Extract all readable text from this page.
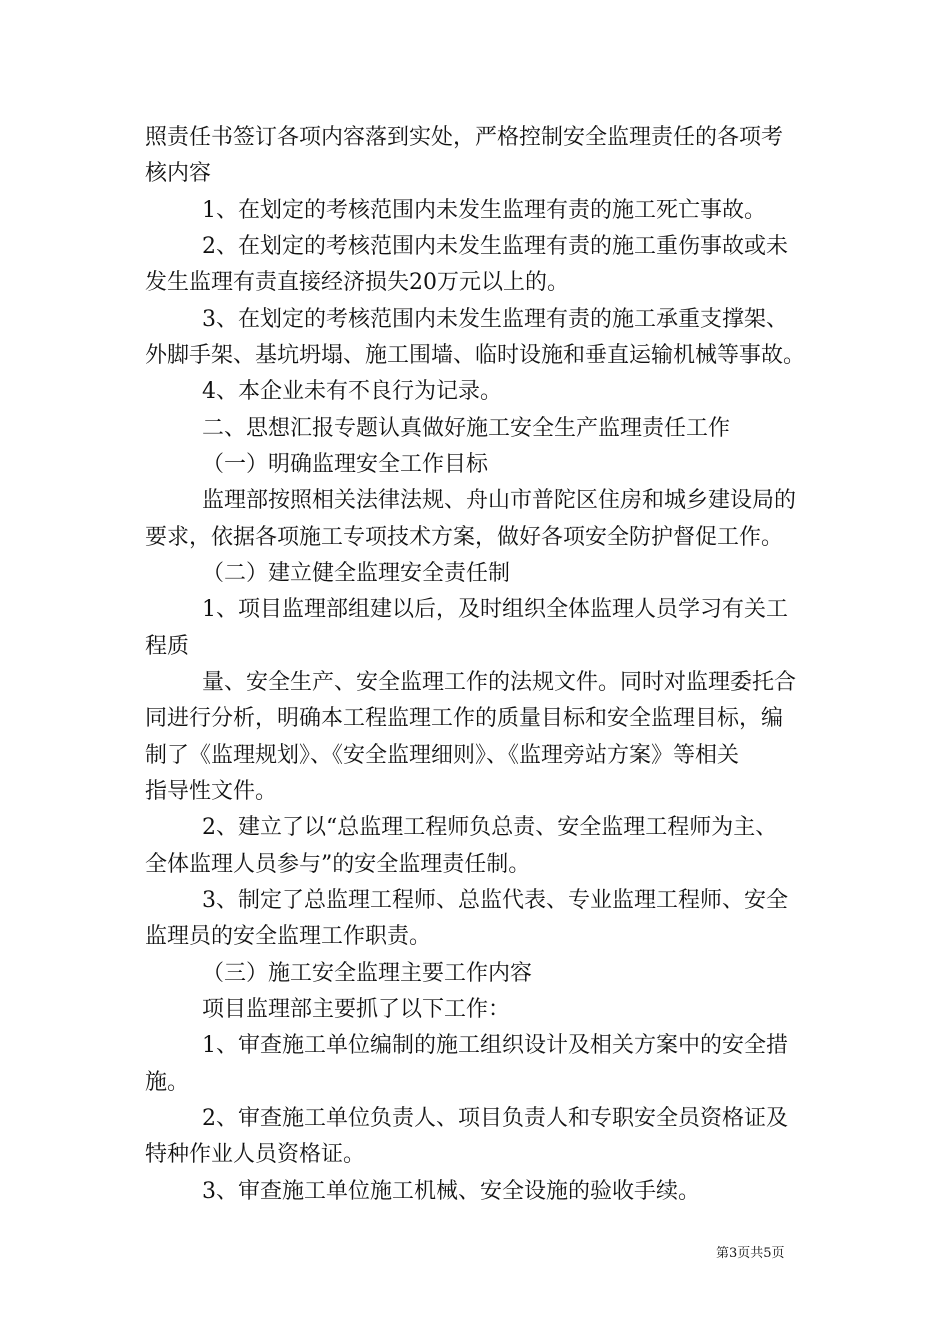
照责任书签订各项内容落到实处，严格控制安全监理责任的各项考
核内容
1、在划定的考核范围内未发生监理有责的施工死亡事故。
2、在划定的考核范围内未发生监理有责的施工重伤事故或未
发生监理有责直接经济损失20万元以上的。
3、在划定的考核范围内未发生监理有责的施工承重支撑架、
外脚手架、基坑坍塌、施工围墙、临时设施和垂直运输机械等事故。
4、本企业未有不良行为记录。
二、思想汇报专题认真做好施工安全生产监理责任工作
（一）明确监理安全工作目标
监理部按照相关法律法规、舟山市普陀区住房和城乡建设局的
要求，依据各项施工专项技术方案，做好各项安全防护督促工作。
（二）建立健全监理安全责任制
1、项目监理部组建以后，及时组织全体监理人员学习有关工
程质
量、安全生产、安全监理工作的法规文件。同时对监理委托合
同进行分析，明确本工程监理工作的质量目标和安全监理目标，编
制了《监理规划》、《安全监理细则》、《监理旁站方案》等相关
指导性文件。
2、建立了以“总监理工程师负总责、安全监理工程师为主、
全体监理人员参与”的安全监理责任制。
3、制定了总监理工程师、总监代表、专业监理工程师、安全
监理员的安全监理工作职责。
（三）施工安全监理主要工作内容
项目监理部主要抓了以下工作：
1、审查施工单位编制的施工组织设计及相关方案中的安全措
施。
2、审查施工单位负责人、项目负责人和专职安全员资格证及
特种作业人员资格证。
3、审查施工单位施工机械、安全设施的验收手续。
第3页共5页
